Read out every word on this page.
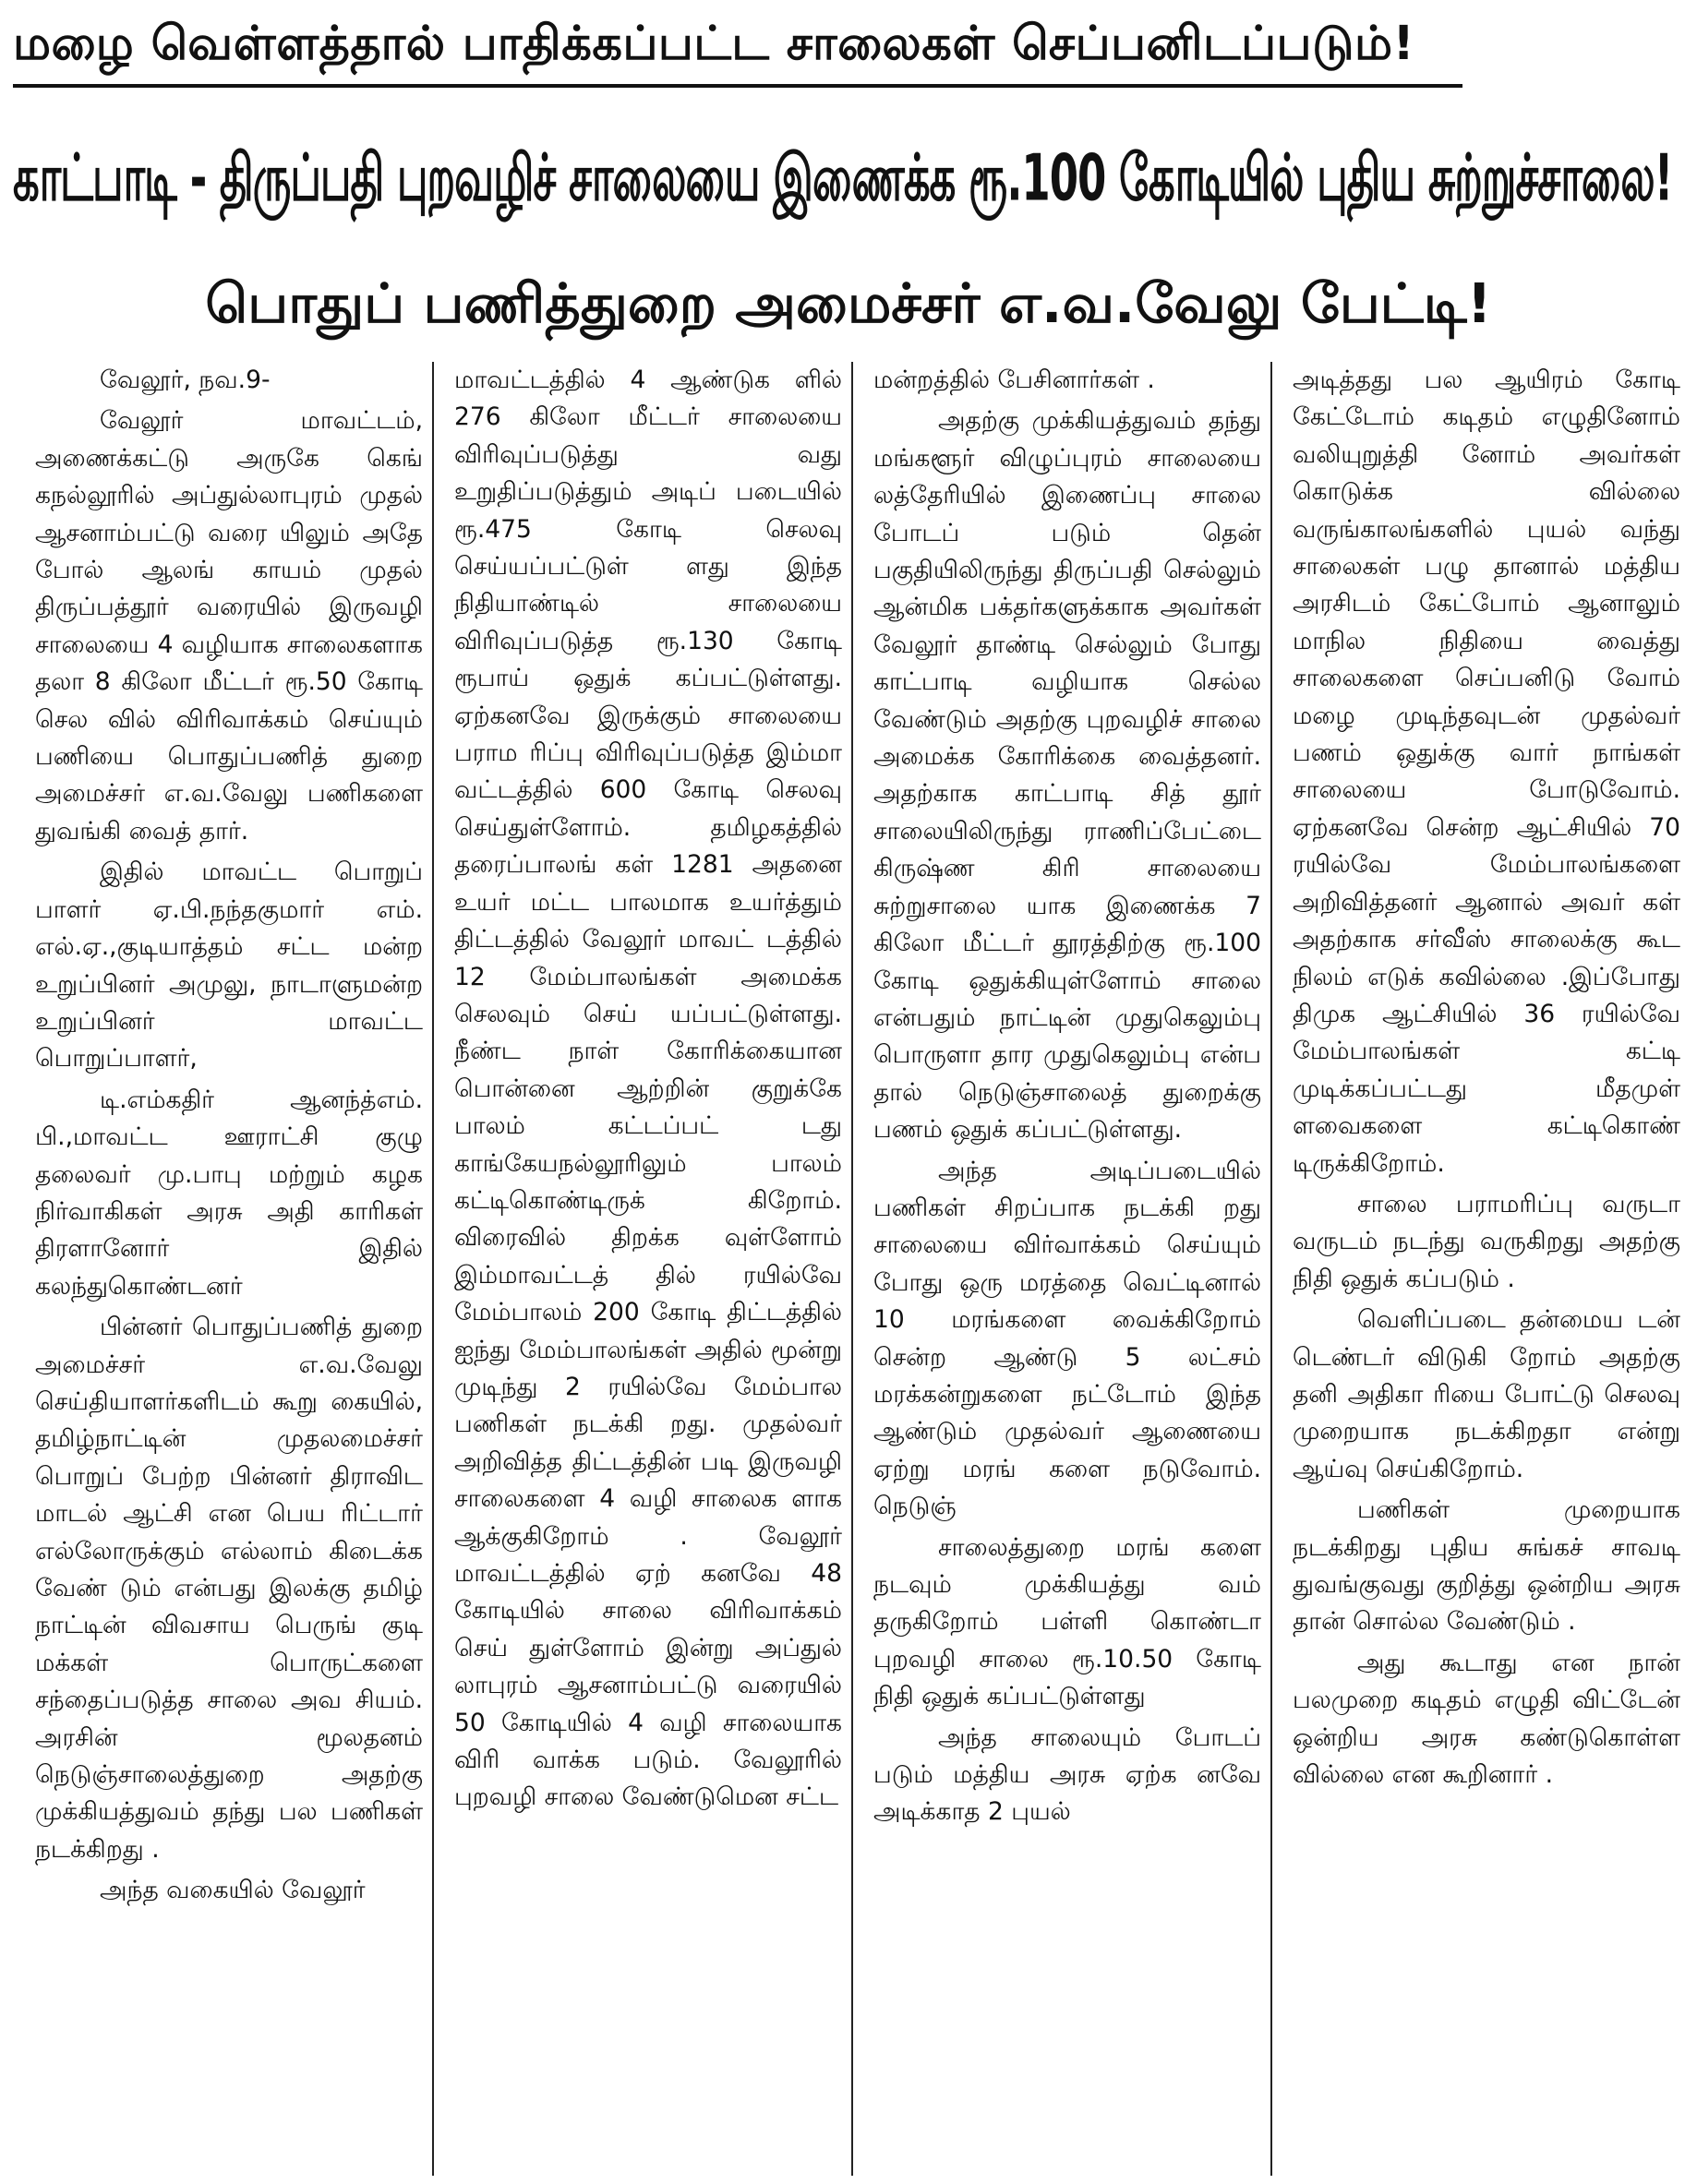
மழை வெள்ளத்தால் பாதிக்கப்பட்ட சாலைகள் செப்பனிடப்படும்!
காட்பாடி - திருப்பதி புறவழிச் சாலையை இணைக்க ரூ.100 கோடியில் புதிய சுற்றுச்சாலை!
பொதுப் பணித்துறை அமைச்சர் எ.வ.வேலு பேட்டி!

வேலூர், நவ.9-

வேலூர் மாவட்டம், அணைக்கட்டு அருகே கெங் கநல்லூரில் அப்துல்லாபுரம் முதல் ஆசனாம்பட்டு வரை யிலும் அதே போல் ஆலங் காயம் முதல் திருப்பத்தூர் வரையில் இருவழி சாலையை 4 வழியாக சாலைகளாக தலா 8 கிலோ மீட்டர் ரூ.50 கோடி செல வில் விரிவாக்கம் செய்யும் பணியை பொதுப்பணித் துறை அமைச்சர் எ.வ.வேலு பணிகளை துவங்கி வைத் தார்.

இதில் மாவட்ட பொறுப் பாளர் ஏ.பி.நந்தகுமார் எம். எல்.ஏ.,குடியாத்தம் சட்ட மன்ற உறுப்பினர் அமுலு, நாடாளுமன்ற உறுப்பினர் மாவட்ட பொறுப்பாளர்,

டி.எம்கதிர் ஆனந்த்எம். பி.,மாவட்ட ஊராட்சி குழு தலைவர் மு.பாபு மற்றும் கழக நிர்வாகிகள் அரசு அதி காரிகள் திரளானோர் இதில் கலந்துகொண்டனர்

பின்னர் பொதுப்பணித் துறை அமைச்சர் எ.வ.வேலு செய்தியாளர்களிடம் கூறு கையில், தமிழ்நாட்டின் முதலமைச்சர் பொறுப் பேற்ற பின்னர் திராவிட மாடல் ஆட்சி என பெய ரிட்டார் எல்லோருக்கும் எல்லாம் கிடைக்க வேண் டும் என்பது இலக்கு தமிழ் நாட்டின் விவசாய பெருங் குடி மக்கள் பொருட்களை சந்தைப்படுத்த சாலை அவ சியம். அரசின் மூலதனம் நெடுஞ்சாலைத்துறை அதற்கு முக்கியத்துவம் தந்து பல பணிகள் நடக்கிறது .

அந்த வகையில் வேலூர்

மாவட்டத்தில் 4 ஆண்டுக ளில் 276 கிலோ மீட்டர் சாலையை விரிவுப்படுத்து வது உறுதிப்படுத்தும் அடிப் படையில் ரூ.475 கோடி செலவு செய்யப்பட்டுள் ளது இந்த நிதியாண்டில் சாலையை விரிவுப்படுத்த ரூ.130 கோடி ரூபாய் ஒதுக் கப்பட்டுள்ளது. ஏற்கனவே இருக்கும் சாலையை பராம ரிப்பு விரிவுப்படுத்த இம்மா வட்டத்தில் 600 கோடி செலவு செய்துள்ளோம். தமிழகத்தில் தரைப்பாலங் கள் 1281 அதனை உயர் மட்ட பாலமாக உயர்த்தும் திட்டத்தில் வேலூர் மாவட் டத்தில் 12 மேம்பாலங்கள் அமைக்க செலவும் செய் யப்பட்டுள்ளது. நீண்ட நாள் கோரிக்கையான பொன்னை ஆற்றின் குறுக்கே பாலம் கட்டப்பட் டது காங்கேயநல்லூரிலும் பாலம் கட்டிகொண்டிருக் கிறோம். விரைவில் திறக்க வுள்ளோம் இம்மாவட்டத் தில் ரயில்வே மேம்பாலம் 200 கோடி திட்டத்தில் ஐந்து மேம்பாலங்கள் அதில் மூன்று முடிந்து 2 ரயில்வே மேம்பால பணிகள் நடக்கி றது. முதல்வர் அறிவித்த திட்டத்தின் படி இருவழி சாலைகளை 4 வழி சாலைக ளாக ஆக்குகிறோம் . வேலூர் மாவட்டத்தில் ஏற் கனவே 48 கோடியில் சாலை விரிவாக்கம் செய் துள்ளோம் இன்று அப்துல் லாபுரம் ஆசனாம்பட்டு வரையில் 50 கோடியில் 4 வழி சாலையாக விரி வாக்க படும். வேலூரில் புறவழி சாலை வேண்டுமென சட்ட

மன்றத்தில் பேசினார்கள் .

அதற்கு முக்கியத்துவம் தந்து மங்களூர் விழுப்புரம் சாலையை லத்தேரியில் இணைப்பு சாலை போடப் படும் தென் பகுதியிலிருந்து திருப்பதி செல்லும் ஆன்மிக பக்தர்களுக்காக அவர்கள் வேலூர் தாண்டி செல்லும் போது காட்பாடி வழியாக செல்ல வேண்டும் அதற்கு புறவழிச் சாலை அமைக்க கோரிக்கை வைத்தனர். அதற்காக காட்பாடி சித் தூர் சாலையிலிருந்து ராணிப்பேட்டை கிருஷ்ண கிரி சாலையை சுற்றுசாலை யாக இணைக்க 7 கிலோ மீட்டர் தூரத்திற்கு ரூ.100 கோடி ஒதுக்கியுள்ளோம் சாலை என்பதும் நாட்டின் முதுகெலும்பு பொருளா தார முதுகெலும்பு என்ப தால் நெடுஞ்சாலைத் துறைக்கு பணம் ஒதுக் கப்பட்டுள்ளது.

அந்த அடிப்படையில் பணிகள் சிறப்பாக நடக்கி றது சாலையை விர்வாக்கம் செய்யும் போது ஒரு மரத்தை வெட்டினால் 10 மரங்களை வைக்கிறோம் சென்ற ஆண்டு 5 லட்சம் மரக்கன்றுகளை நட்டோம் இந்த ஆண்டும் முதல்வர் ஆணையை ஏற்று மரங் களை நடுவோம். நெடுஞ்

சாலைத்துறை மரங் களை நடவும் முக்கியத்து வம் தருகிறோம் பள்ளி கொண்டா புறவழி சாலை ரூ.10.50 கோடி நிதி ஒதுக் கப்பட்டுள்ளது

அந்த சாலையும் போடப் படும் மத்திய அரசு ஏற்க னவே அடிக்காத 2 புயல்

அடித்தது பல ஆயிரம் கோடி கேட்டோம் கடிதம் எழுதினோம் வலியுறுத்தி னோம் அவர்கள் கொடுக்க வில்லை வருங்காலங்களில் புயல் வந்து சாலைகள் பழு தானால் மத்திய அரசிடம் கேட்போம் ஆனாலும் மாநில நிதியை வைத்து சாலைகளை செப்பனிடு வோம் மழை முடிந்தவுடன் முதல்வர் பணம் ஒதுக்கு வார் நாங்கள் சாலையை போடுவோம். ஏற்கனவே சென்ற ஆட்சியில் 70 ரயில்வே மேம்பாலங்களை அறிவித்தனர் ஆனால் அவர் கள் அதற்காக சர்வீஸ் சாலைக்கு கூட நிலம் எடுக் கவில்லை .இப்போது திமுக ஆட்சியில் 36 ரயில்வே மேம்பாலங்கள் கட்டி முடிக்கப்பட்டது மீதமுள் ளவைகளை கட்டிகொண் டிருக்கிறோம்.

சாலை பராமரிப்பு வருடா வருடம் நடந்து வருகிறது அதற்கு நிதி ஒதுக் கப்படும் .

வெளிப்படை தன்மைய டன் டெண்டர் விடுகி றோம் அதற்கு தனி அதிகா ரியை போட்டு செலவு முறையாக நடக்கிறதா என்று ஆய்வு செய்கிறோம்.

பணிகள் முறையாக நடக்கிறது புதிய சுங்கச் சாவடி துவங்குவது குறித்து ஒன்றிய அரசு தான் சொல்ல வேண்டும் .

அது கூடாது என நான் பலமுறை கடிதம் எழுதி விட்டேன் ஒன்றிய அரசு கண்டுகொள்ள வில்லை என கூறினார் .
